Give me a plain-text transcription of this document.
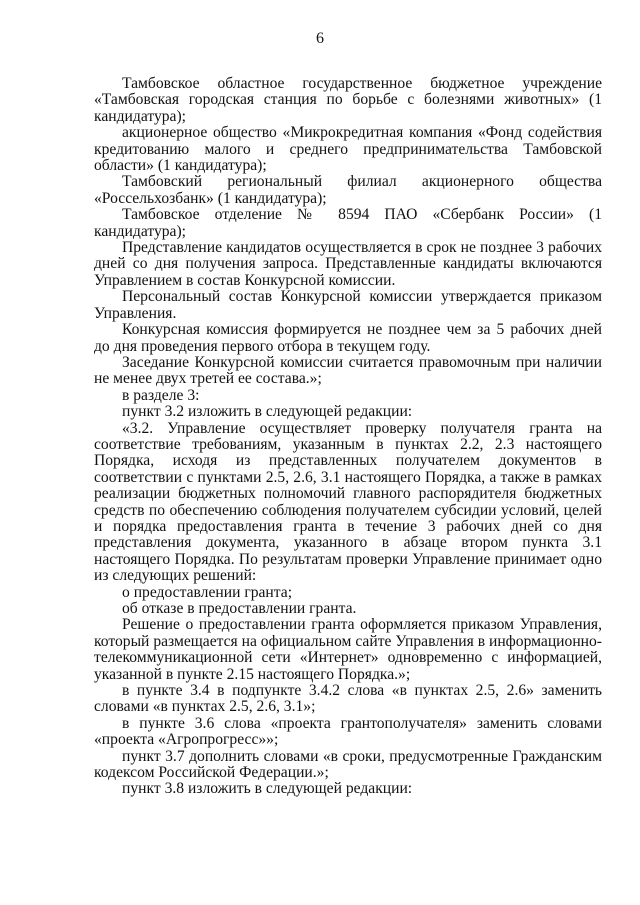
6

Тамбовское областное государственное бюджетное учреждение «Тамбовская городская станция по борьбе с болезнями животных» (1 кандидатура);

акционерное общество «Микрокредитная компания «Фонд содействия кредитованию малого и среднего предпринимательства Тамбовской области» (1 кандидатура);

Тамбовский региональный филиал акционерного общества «Россельхозбанк» (1 кандидатура);

Тамбовское отделение № 8594 ПАО «Сбербанк России» (1 кандидатура);

Представление кандидатов осуществляется в срок не позднее 3 рабочих дней со дня получения запроса. Представленные кандидаты включаются Управлением в состав Конкурсной комиссии.

Персональный состав Конкурсной комиссии утверждается приказом Управления.

Конкурсная комиссия формируется не позднее чем за 5 рабочих дней до дня проведения первого отбора в текущем году.

Заседание Конкурсной комиссии считается правомочным при наличии не менее двух третей ее состава.»;

в разделе 3:

пункт 3.2 изложить в следующей редакции:

«3.2. Управление осуществляет проверку получателя гранта на соответствие требованиям, указанным в пунктах 2.2, 2.3 настоящего Порядка, исходя из представленных получателем документов в соответствии с пунктами 2.5, 2.6, 3.1 настоящего Порядка, а также в рамках реализации бюджетных полномочий главного распорядителя бюджетных средств по обеспечению соблюдения получателем субсидии условий, целей и порядка предоставления гранта в течение 3 рабочих дней со дня представления документа, указанного в абзаце втором пункта 3.1 настоящего Порядка. По результатам проверки Управление принимает одно из следующих решений:

о предоставлении гранта;

об отказе в предоставлении гранта.

Решение о предоставлении гранта оформляется приказом Управления, который размещается на официальном сайте Управления в информационно-телекоммуникационной сети «Интернет» одновременно с информацией, указанной в пункте 2.15 настоящего Порядка.»;

в пункте 3.4 в подпункте 3.4.2 слова «в пунктах 2.5, 2.6» заменить словами «в пунктах 2.5, 2.6, 3.1»;

в пункте 3.6 слова «проекта грантополучателя» заменить словами «проекта «Агропрогресс»»;

пункт 3.7 дополнить словами «в сроки, предусмотренные Гражданским кодексом Российской Федерации.»;

пункт 3.8 изложить в следующей редакции:
